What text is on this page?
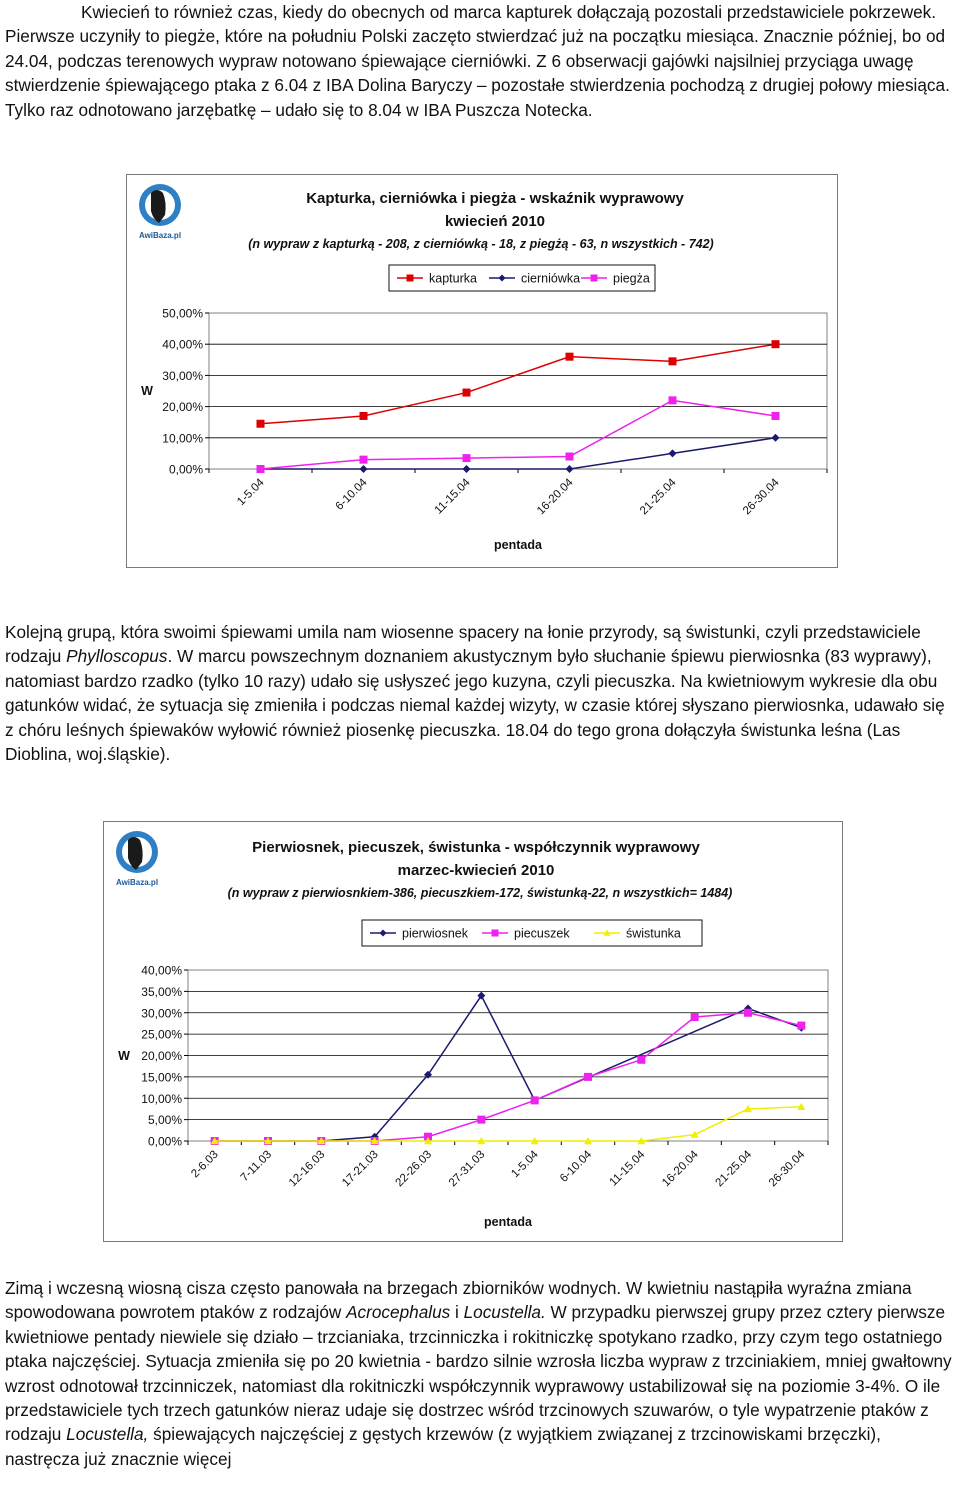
Kwiecień to również czas, kiedy do obecnych od marca kapturek dołączają pozostali przedstawiciele pokrzewek. Pierwsze uczyniły to piegże, które na południu Polski zaczęto stwierdzać już na początku miesiąca. Znacznie później, bo od 24.04, podczas terenowych wypraw notowano śpiewające cierniówki. Z 6 obserwacji gajówki najsilniej przyciąga uwagę stwierdzenie śpiewającego ptaka z 6.04 z IBA Dolina Baryczy – pozostałe stwierdzenia pochodzą z drugiej połowy miesiąca. Tylko raz odnotowano jarzębatkę – udało się to 8.04 w IBA Puszcza Notecka.

AwiBaza.pl
Kapturka, cierniówka i piegża - wskaźnik wyprawowy
kwiecień 2010
(n wypraw z kapturką - 208, z cierniówką - 18, z piegżą - 63, n wszystkich - 742)
kapturka	cierniówka	piegża
0,00%
10,00%
20,00%
30,00%
40,00%
50,00%
1-5.04	6-10.04	11-15.04	16-20.04	21-25.04	26-30.04
pentada
W

Kolejną grupą, która swoimi śpiewami umila nam wiosenne spacery na łonie przyrody, są świstunki, czyli przedstawiciele rodzaju Phylloscopus. W marcu powszechnym doznaniem akustycznym było słuchanie śpiewu pierwiosnka (83 wyprawy), natomiast bardzo rzadko (tylko 10 razy) udało się usłyszeć jego kuzyna, czyli piecuszka. Na kwietniowym wykresie dla obu gatunków widać, że sytuacja się zmieniła i podczas niemal każdej wizyty, w czasie której słyszano pierwiosnka, udawało się z chóru leśnych śpiewaków wyłowić również piosenkę piecuszka. 18.04 do tego grona dołączyła świstunka leśna (Las Dioblina, woj.śląskie).

AwiBaza.pl
Pierwiosnek, piecuszek, świstunka - współczynnik wyprawowy
marzec-kwiecień 2010
(n wypraw z pierwiosnkiem-386, piecuszkiem-172, świstunką-22, n wszystkich= 1484)
pierwiosnek	piecuszek	świstunka
0,00%
5,00%
10,00%
15,00%
20,00%
25,00%
30,00%
35,00%
40,00%
2-6.03 7-11.03 12-16.03 17-21.03 22-26.03 27-31.03 1-5.04 6-10.04 11-15.04 16-20.04 21-25.04 26-30.04
pentada
W

Zimą i wczesną wiosną cisza często panowała na brzegach zbiorników wodnych. W kwietniu nastąpiła wyraźna zmiana spowodowana powrotem ptaków z rodzajów Acrocephalus i Locustella. W przypadku pierwszej grupy przez cztery pierwsze kwietniowe pentady niewiele się działo – trzcianiaka, trzcinniczka i rokitniczkę spotykano rzadko, przy czym tego ostatniego ptaka najczęściej. Sytuacja zmieniła się po 20 kwietnia - bardzo silnie wzrosła liczba wypraw z trzciniakiem, mniej gwałtowny wzrost odnotował trzcinniczek, natomiast dla rokitniczki współczynnik wyprawowy ustabilizował się na poziomie 3-4%. O ile przedstawiciele tych trzech gatunków nieraz udaje się dostrzec wśród trzcinowych szuwarów, o tyle wypatrzenie ptaków z rodzaju Locustella, śpiewających najczęściej z gęstych krzewów (z wyjątkiem związanej z trzcinowiskami brzęczki), nastręcza już znacznie więcej
